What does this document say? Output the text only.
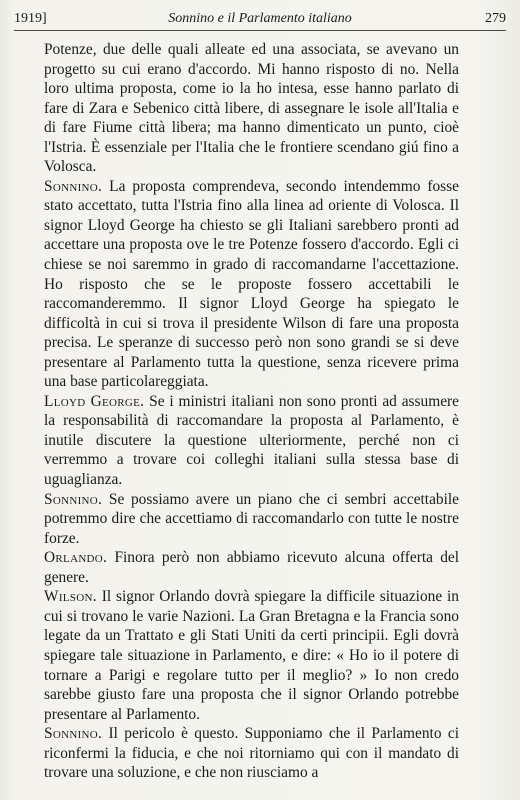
1919]	Sonnino e il Parlamento italiano	279

Potenze, due delle quali alleate ed una associata, se avevano un progetto su cui erano d'accordo. Mi hanno risposto di no. Nella loro ultima proposta, come io la ho intesa, esse hanno parlato di fare di Zara e Sebenico città libere, di assegnare le isole all'Italia e di fare Fiume città libera; ma hanno dimenticato un punto, cioè l'Istria. È essenziale per l'Italia che le frontiere scendano giú fino a Volosca.

Sonnino. La proposta comprendeva, secondo intendemmo fosse stato accettato, tutta l'Istria fino alla linea ad oriente di Volosca. Il signor Lloyd George ha chiesto se gli Italiani sarebbero pronti ad accettare una proposta ove le tre Potenze fossero d'accordo. Egli ci chiese se noi saremmo in grado di raccomandarne l'accettazione. Ho risposto che se le proposte fossero accettabili le raccomanderemmo. Il signor Lloyd George ha spiegato le difficoltà in cui si trova il presidente Wilson di fare una proposta precisa. Le speranze di successo però non sono grandi se si deve presentare al Parlamento tutta la questione, senza ricevere prima una base particolareggiata.

Lloyd George. Se i ministri italiani non sono pronti ad assumere la responsabilità di raccomandare la proposta al Parlamento, è inutile discutere la questione ulteriormente, perché non ci verremmo a trovare coi colleghi italiani sulla stessa base di uguaglianza.

Sonnino. Se possiamo avere un piano che ci sembri accettabile potremmo dire che accettiamo di raccomandarlo con tutte le nostre forze.

Orlando. Finora però non abbiamo ricevuto alcuna offerta del genere.

Wilson. Il signor Orlando dovrà spiegare la difficile situazione in cui si trovano le varie Nazioni. La Gran Bretagna e la Francia sono legate da un Trattato e gli Stati Uniti da certi principii. Egli dovrà spiegare tale situazione in Parlamento, e dire: « Ho io il potere di tornare a Parigi e regolare tutto per il meglio? » Io non credo sarebbe giusto fare una proposta che il signor Orlando potrebbe presentare al Parlamento.

Sonnino. Il pericolo è questo. Supponiamo che il Parlamento ci riconfermi la fiducia, e che noi ritorniamo qui con il mandato di trovare una soluzione, e che non riusciamo a
